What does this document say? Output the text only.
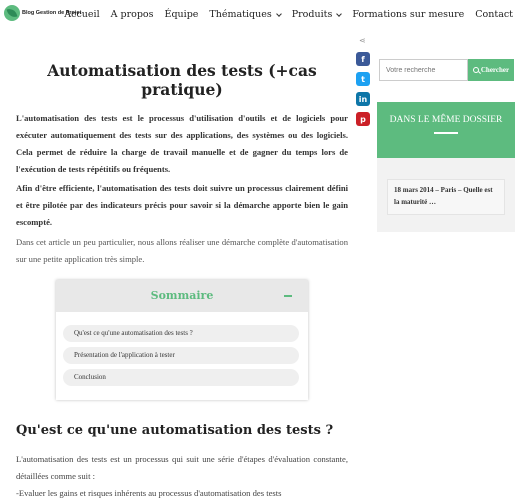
Blog Gestion de Projet
Accueil A propos Équipe Thématiques Produits Formations sur mesure Contact
Automatisation des tests (+cas pratique)
⋖
f
t
in
p

L'automatisation des tests est le processus d'utilisation d'outils et de logiciels pour exécuter automatiquement des tests sur des applications, des systèmes ou des logiciels. Cela permet de réduire la charge de travail manuelle et de gagner du temps lors de l'exécution de tests répétitifs ou fréquents.

Afin d'être efficiente, l'automatisation des tests doit suivre un processus clairement défini et être pilotée par des indicateurs précis pour savoir si la démarche apporte bien le gain escompté.

Dans cet article un peu particulier, nous allons réaliser une démarche complète d'automatisation sur une petite application très simple.

Sommaire
Qu'est ce qu'une automatisation des tests ?
Présentation de l'application à tester
Conclusion
Qu'est ce qu'une automatisation des tests ?

L'automatisation des tests est un processus qui suit une série d'étapes d'évaluation constante, détaillées comme suit :

-Evaluer les gains et risques inhérents au processus d'automatisation des tests

Votre recherche
Chercher
DANS LE MÊME DOSSIER
18 mars 2014 – Paris – Quelle est la maturité …
